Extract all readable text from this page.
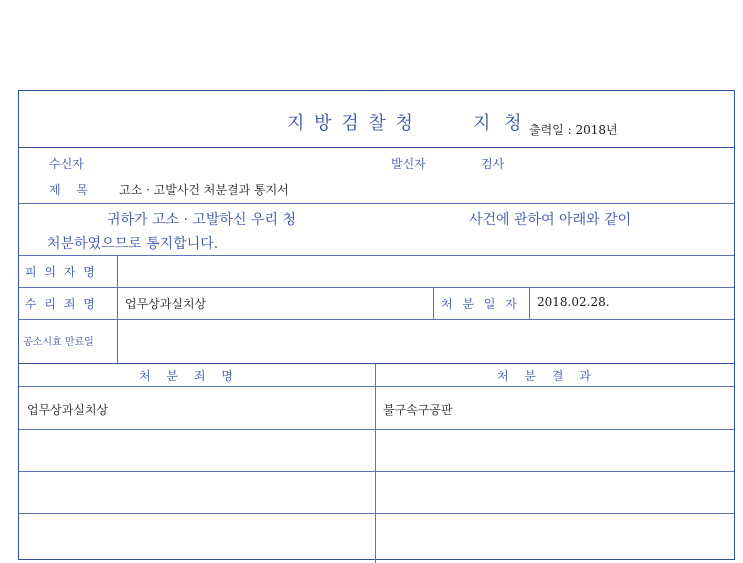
⌒
지 방 검 찰 청	지 청 출력일 : 2018년
수신자	발신자	검사
제 목 고소 · 고발사건 처분결과 통지서
귀하가 고소 · 고발하신 우리 청	사건에 관하여 아래와 같이
처분하였으므로 통지합니다.
피 의 자 명
수 리 죄 명 업무상과실치상	처 분 일 자 2018.02.28.
공소시효 만료일
처 분 죄 명	처 분 결 과
업무상과실치상	불구속구공판
